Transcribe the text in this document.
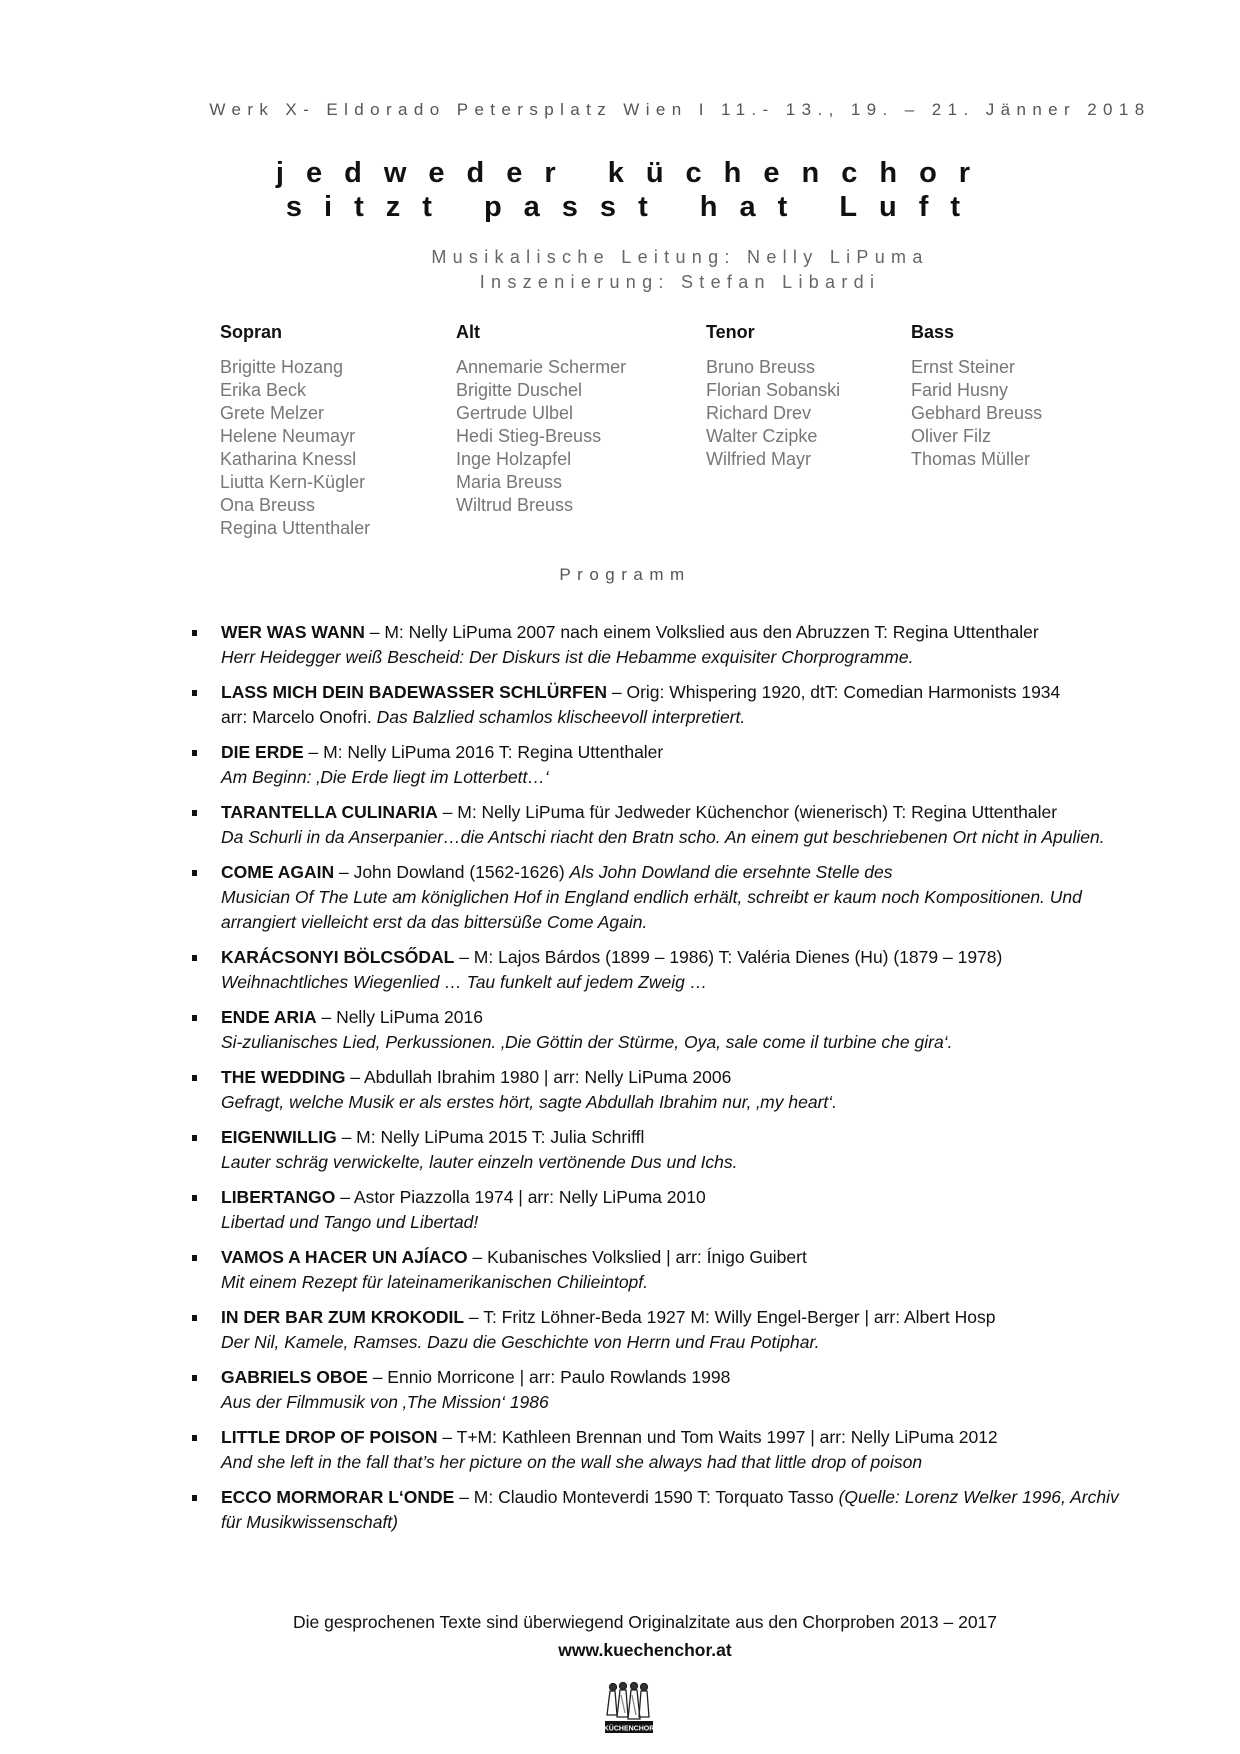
Werk X- Eldorado Petersplatz Wien I 11.- 13., 19. – 21. Jänner 2018
jedweder küchenchor
sitzt passt hat Luft
Musikalische Leitung: Nelly LiPuma
Inszenierung: Stefan Libardi
Sopran
Brigitte Hozang
Erika Beck
Grete Melzer
Helene Neumayr
Katharina Knessl
Liutta Kern-Kügler
Ona Breuss
Regina Uttenthaler
Alt
Annemarie Schermer
Brigitte Duschel
Gertrude Ulbel
Hedi Stieg-Breuss
Inge Holzapfel
Maria Breuss
Wiltrud Breuss
Tenor
Bruno Breuss
Florian Sobanski
Richard Drev
Walter Czipke
Wilfried Mayr
Bass
Ernst Steiner
Farid Husny
Gebhard Breuss
Oliver Filz
Thomas Müller
Programm
WER WAS WANN – M: Nelly LiPuma 2007 nach einem Volkslied aus den Abruzzen T: Regina Uttenthaler
Herr Heidegger weiß Bescheid: Der Diskurs ist die Hebamme exquisiter Chorprogramme.
LASS MICH DEIN BADEWASSER SCHLÜRFEN – Orig: Whispering 1920, dtT: Comedian Harmonists 1934
arr: Marcelo Onofri. Das Balzlied schamlos klischeevoll interpretiert.
DIE ERDE – M: Nelly LiPuma 2016 T: Regina Uttenthaler
Am Beginn: ‚Die Erde liegt im Lotterbett…‘
TARANTELLA CULINARIA – M: Nelly LiPuma für Jedweder Küchenchor (wienerisch) T: Regina Uttenthaler
Da Schurli in da Anserpanier…die Antschi riacht den Bratn scho. An einem gut beschriebenen Ort nicht in Apulien.
COME AGAIN – John Dowland (1562-1626) Als John Dowland die ersehnte Stelle des
Musician Of The Lute am königlichen Hof in England endlich erhält, schreibt er kaum noch Kompositionen. Und arrangiert vielleicht erst da das bittersüße Come Again.
KARÁCSONYI BÖLCSŐDAL – M: Lajos Bárdos (1899 – 1986) T: Valéria Dienes (Hu) (1879 – 1978)
Weihnachtliches Wiegenlied … Tau funkelt auf jedem Zweig …
ENDE ARIA – Nelly LiPuma 2016
Si-zulianisches Lied, Perkussionen. ‚Die Göttin der Stürme, Oya, sale come il turbine che gira‘.
THE WEDDING – Abdullah Ibrahim 1980 | arr: Nelly LiPuma 2006
Gefragt, welche Musik er als erstes hört, sagte Abdullah Ibrahim nur, ‚my heart‘.
EIGENWILLIG – M: Nelly LiPuma 2015 T: Julia Schriffl
Lauter schräg verwickelte, lauter einzeln vertönende Dus und Ichs.
LIBERTANGO – Astor Piazzolla 1974 | arr: Nelly LiPuma 2010
Libertad und Tango und Libertad!
VAMOS A HACER UN AJÍACO – Kubanisches Volkslied | arr: Ínigo Guibert
Mit einem Rezept für lateinamerikanischen Chilieintopf.
IN DER BAR ZUM KROKODIL – T: Fritz Löhner-Beda 1927 M: Willy Engel-Berger | arr: Albert Hosp
Der Nil, Kamele, Ramses. Dazu die Geschichte von Herrn und Frau Potiphar.
GABRIELS OBOE – Ennio Morricone | arr: Paulo Rowlands 1998
Aus der Filmmusik von ‚The Mission‘ 1986
LITTLE DROP OF POISON – T+M: Kathleen Brennan und Tom Waits 1997 | arr: Nelly LiPuma 2012
And she left in the fall that’s her picture on the wall she always had that little drop of poison
ECCO MORMORAR L‘ONDE – M: Claudio Monteverdi 1590 T: Torquato Tasso (Quelle: Lorenz Welker 1996, Archiv für Musikwissenschaft)
Die gesprochenen Texte sind überwiegend Originalzitate aus den Chorproben 2013 – 2017
www.kuechenchor.at
KÜCHENCHOR
